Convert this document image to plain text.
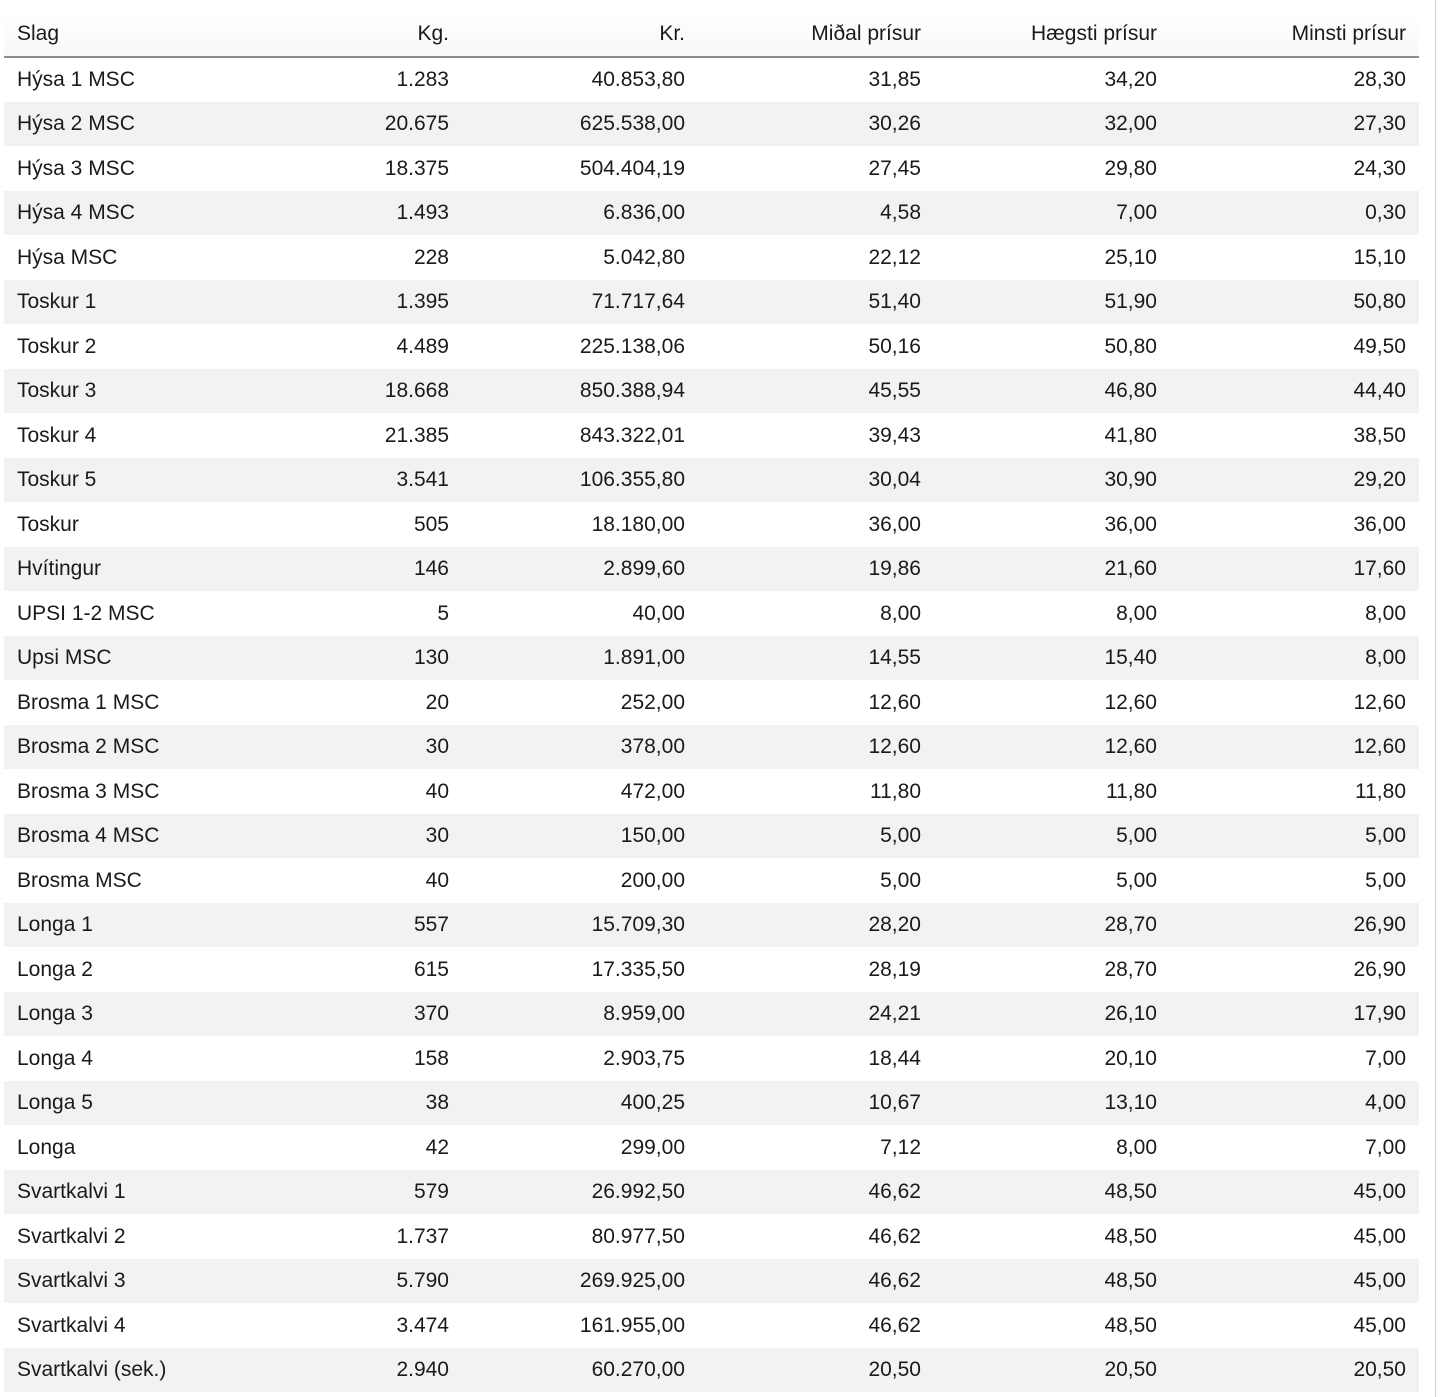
Slag	Kg.	Kr.	Miðal prísur	Hægsti prísur	Minsti prísur
Hýsa 1 MSC	1.283	40.853,80	31,85	34,20	28,30
Hýsa 2 MSC	20.675	625.538,00	30,26	32,00	27,30
Hýsa 3 MSC	18.375	504.404,19	27,45	29,80	24,30
Hýsa 4 MSC	1.493	6.836,00	4,58	7,00	0,30
Hýsa MSC	228	5.042,80	22,12	25,10	15,10
Toskur 1	1.395	71.717,64	51,40	51,90	50,80
Toskur 2	4.489	225.138,06	50,16	50,80	49,50
Toskur 3	18.668	850.388,94	45,55	46,80	44,40
Toskur 4	21.385	843.322,01	39,43	41,80	38,50
Toskur 5	3.541	106.355,80	30,04	30,90	29,20
Toskur	505	18.180,00	36,00	36,00	36,00
Hvítingur	146	2.899,60	19,86	21,60	17,60
UPSI 1-2 MSC	5	40,00	8,00	8,00	8,00
Upsi MSC	130	1.891,00	14,55	15,40	8,00
Brosma 1 MSC	20	252,00	12,60	12,60	12,60
Brosma 2 MSC	30	378,00	12,60	12,60	12,60
Brosma 3 MSC	40	472,00	11,80	11,80	11,80
Brosma 4 MSC	30	150,00	5,00	5,00	5,00
Brosma MSC	40	200,00	5,00	5,00	5,00
Longa 1	557	15.709,30	28,20	28,70	26,90
Longa 2	615	17.335,50	28,19	28,70	26,90
Longa 3	370	8.959,00	24,21	26,10	17,90
Longa 4	158	2.903,75	18,44	20,10	7,00
Longa 5	38	400,25	10,67	13,10	4,00
Longa	42	299,00	7,12	8,00	7,00
Svartkalvi 1	579	26.992,50	46,62	48,50	45,00
Svartkalvi 2	1.737	80.977,50	46,62	48,50	45,00
Svartkalvi 3	5.790	269.925,00	46,62	48,50	45,00
Svartkalvi 4	3.474	161.955,00	46,62	48,50	45,00
Svartkalvi (sek.)	2.940	60.270,00	20,50	20,50	20,50
